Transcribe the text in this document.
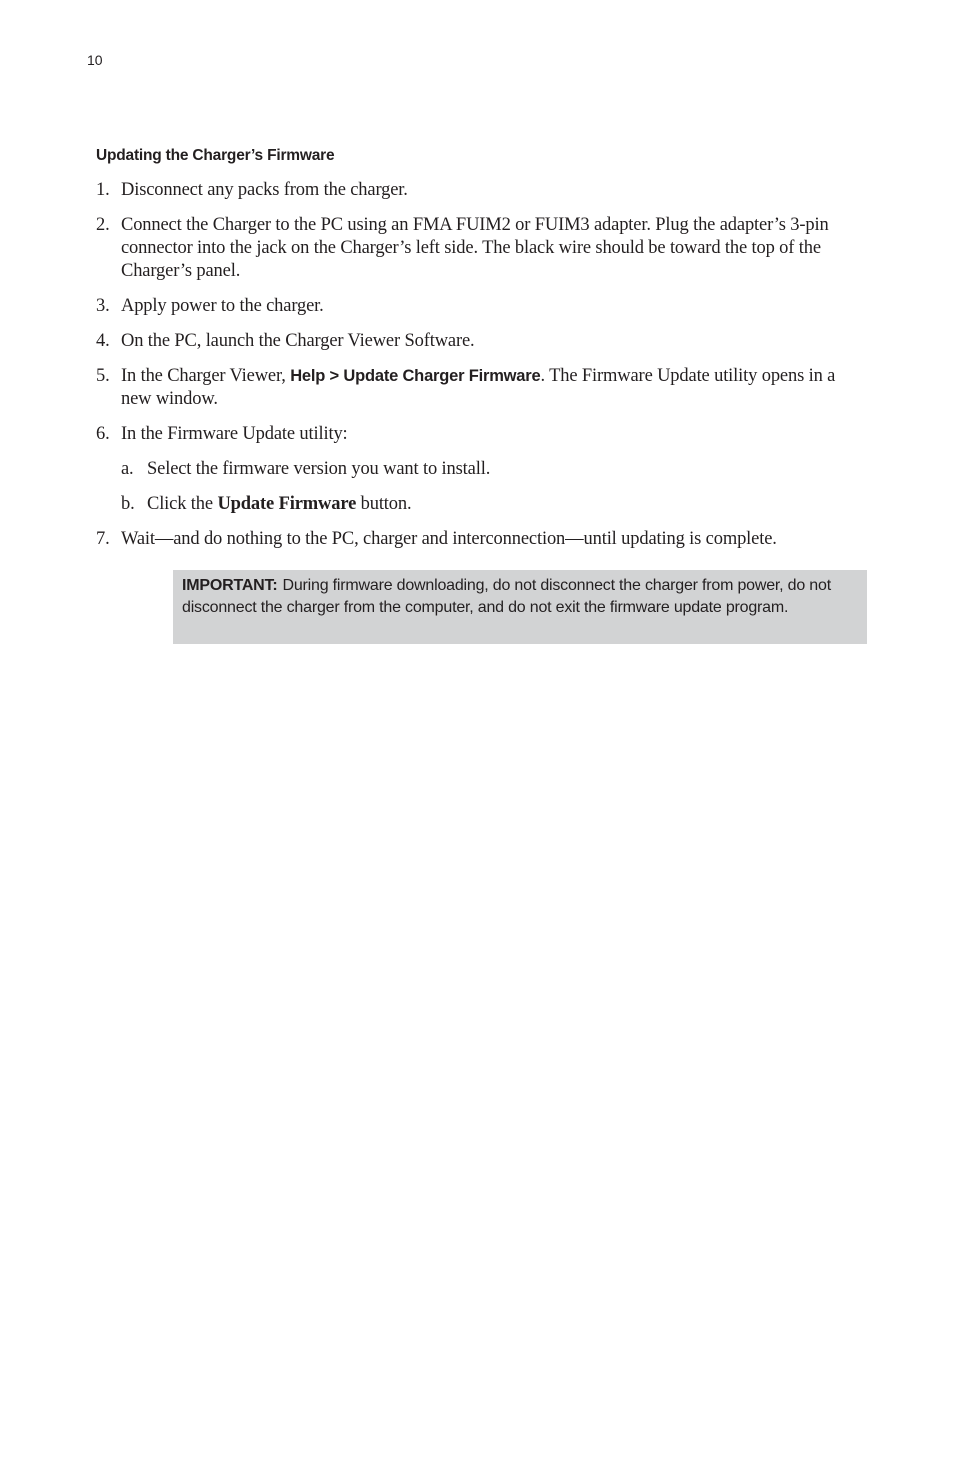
10
Updating the Charger’s Firmware
1. Disconnect any packs from the charger.
2. Connect the Charger to the PC using an FMA FUIM2 or FUIM3 adapter. Plug the adapter’s 3-pin connector into the jack on the Charger’s left side. The black wire should be toward the top of the Charger’s panel.
3. Apply power to the charger.
4. On the PC, launch the Charger Viewer Software.
5. In the Charger Viewer, Help > Update Charger Firmware. The Firmware Update utility opens in a new window.
6. In the Firmware Update utility:
a. Select the firmware version you want to install.
b. Click the Update Firmware button.
7. Wait—and do nothing to the PC, charger and interconnection—until updating is complete.
IMPORTANT: During firmware downloading, do not disconnect the charger from power, do not disconnect the charger from the computer, and do not exit the firmware update program.
